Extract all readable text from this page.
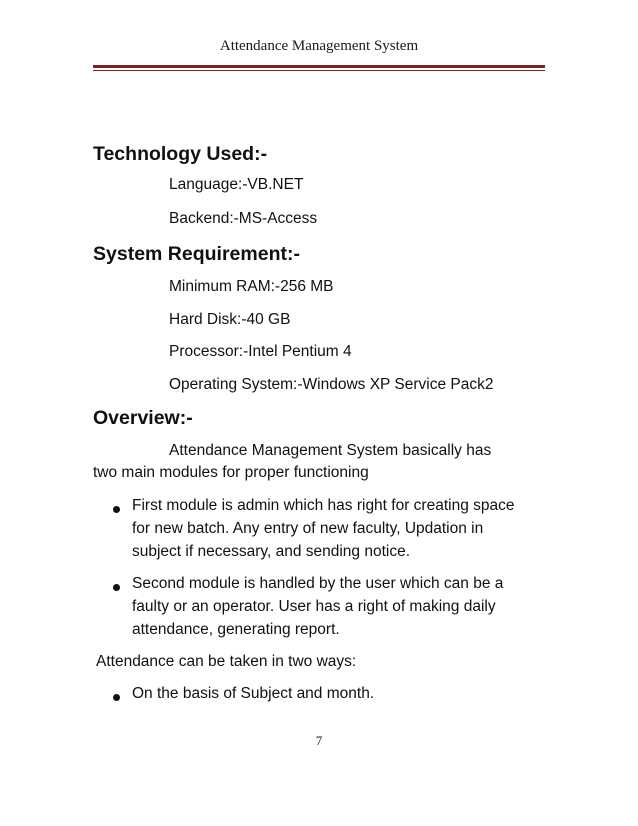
Attendance Management System
Technology Used:-
Language:-VB.NET
Backend:-MS-Access
System Requirement:-
Minimum RAM:-256 MB
Hard Disk:-40 GB
Processor:-Intel Pentium 4
Operating System:-Windows XP Service Pack2
Overview:-
Attendance Management System basically has
two main modules for proper functioning
First module is admin which has right for creating space
for new batch. Any entry of new faculty, Updation in
subject if necessary, and sending notice.
Second module is handled by the user which can be a
faulty or an operator. User has a right of making daily
attendance, generating report.
Attendance can be taken in two ways:
On the basis of Subject and month.
7
